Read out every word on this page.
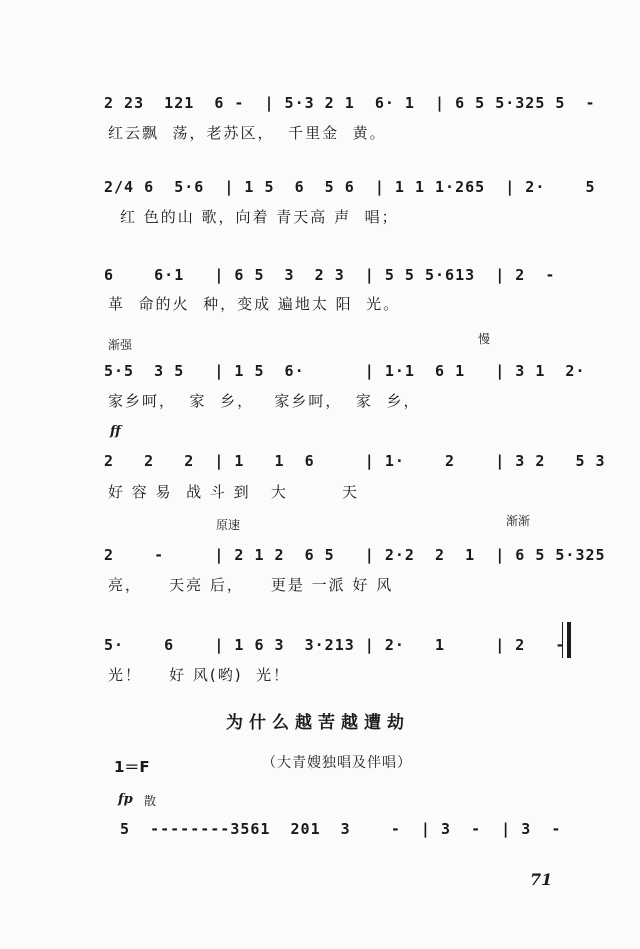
2 23  121  6 -  | 5·3 2 1  6· 1  | 6 5 5·325 5  -
红云飘  荡，老苏区，  千里金  黄。
2/4 6  5·6  | 1 5  6  5 6  | 1 1 1·265  | 2·    5
红 色的山 歌，向着 青天高 声  唱；
6    6·1   | 6 5  3  2 3  | 5 5 5·613  | 2  -
革  命的火  种，变成 遍地太 阳  光。
渐强	慢
5·5  3 5   | 1 5  6·      | 1·1  6 1   | 3 1  2·
家乡呵，  家  乡，   家乡呵，  家  乡，
ff
2   2   2  | 1   1  6     | 1·    2    | 3 2   5 3
好 容 易  战 斗 到   大        天
原速	渐渐
2    -     | 2 1 2  6 5   | 2·2  2  1  | 6 5 5·325
亮，    天亮 后，    更是 一派 好 风
5·    6    | 1 6 3  3·213 | 2·   1     | 2   -
光！    好 风(哟)  光！
为什么越苦越遭劫
1＝F	（大青嫂独唱及伴唱）
fp 散
5  --------3561  201  3    -  | 3  -  | 3  -
71
